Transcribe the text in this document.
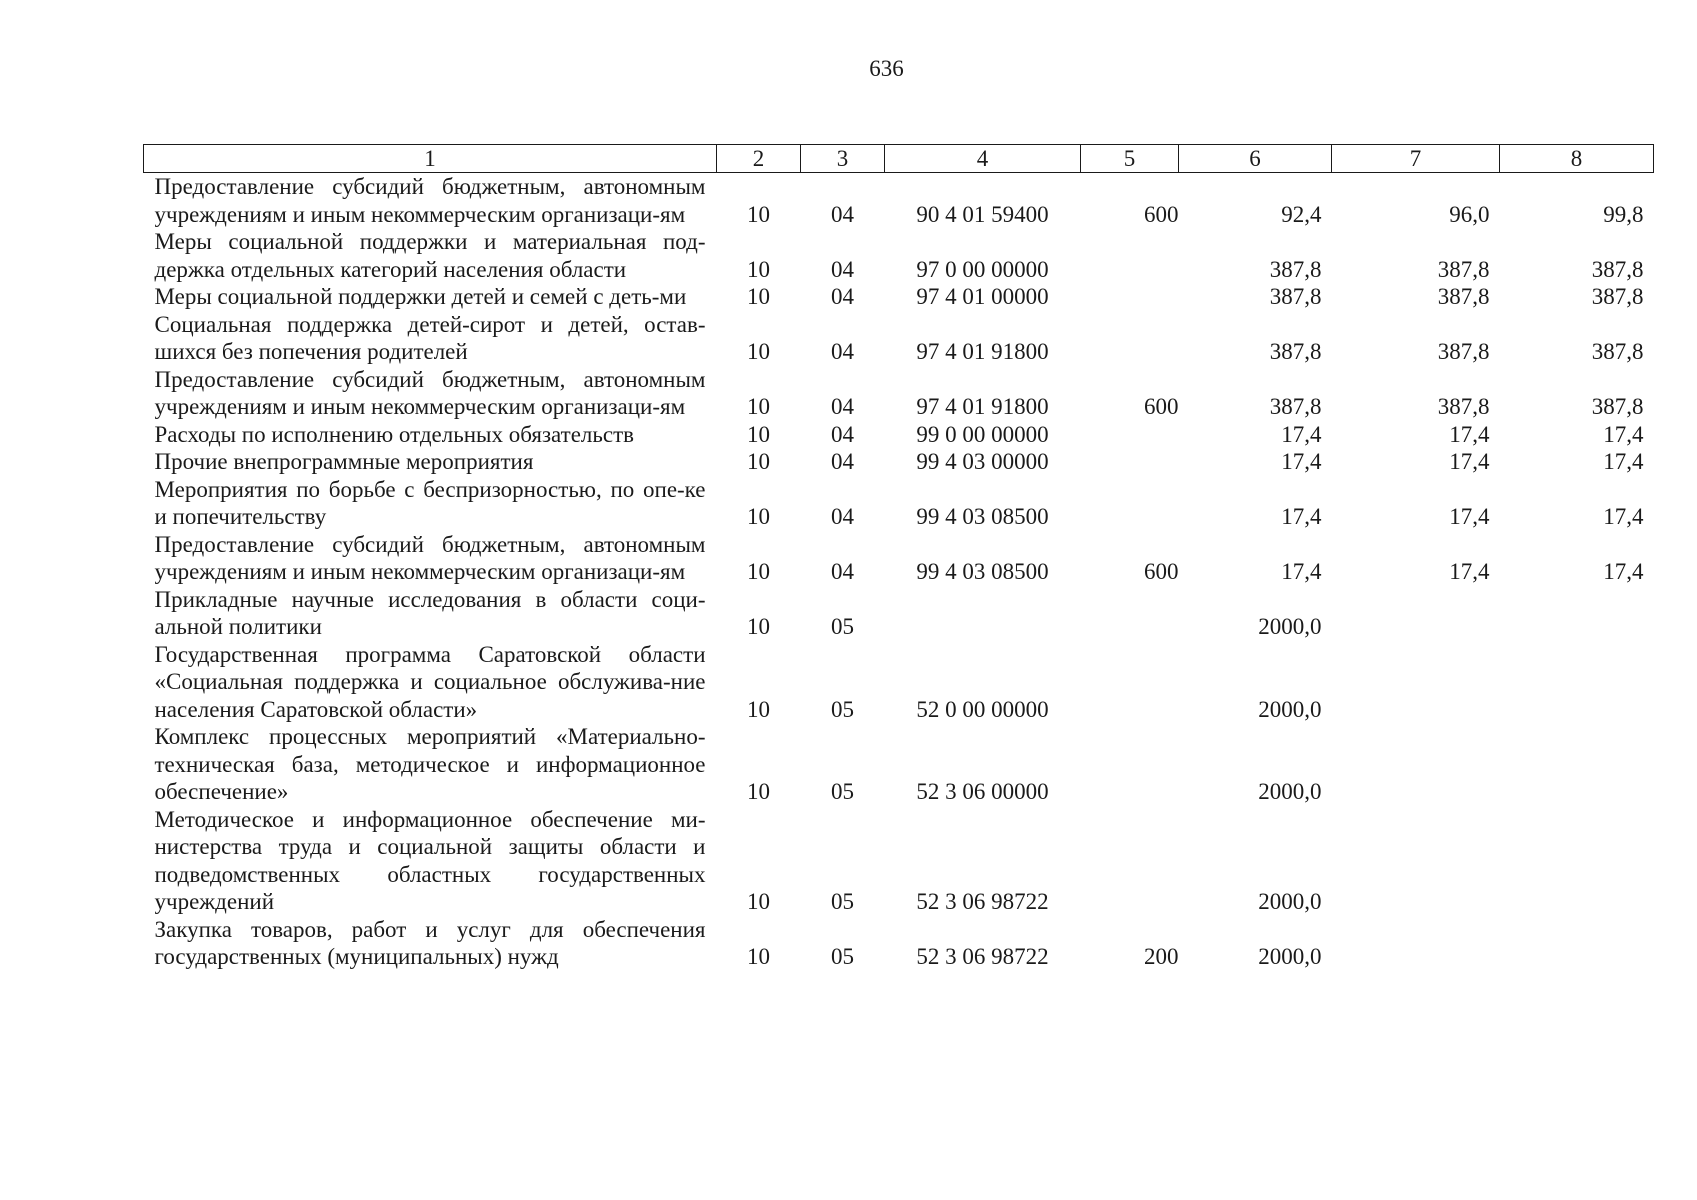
636
1	2	3	4	5	6	7	8
Предоставление субсидий бюджетным, автономным учреждениям и иным некоммерческим организаци-ям	10	04	90 4 01 59400	600	92,4	96,0	99,8
Меры социальной поддержки и материальная под-держка отдельных категорий населения области	10	04	97 0 00 00000		387,8	387,8	387,8
Меры социальной поддержки детей и семей с деть-ми	10	04	97 4 01 00000		387,8	387,8	387,8
Социальная поддержка детей-сирот и детей, остав-шихся без попечения родителей	10	04	97 4 01 91800		387,8	387,8	387,8
Предоставление субсидий бюджетным, автономным учреждениям и иным некоммерческим организаци-ям	10	04	97 4 01 91800	600	387,8	387,8	387,8
Расходы по исполнению отдельных обязательств	10	04	99 0 00 00000		17,4	17,4	17,4
Прочие внепрограммные мероприятия	10	04	99 4 03 00000		17,4	17,4	17,4
Мероприятия по борьбе с беспризорностью, по опе-ке и попечительству	10	04	99 4 03 08500		17,4	17,4	17,4
Предоставление субсидий бюджетным, автономным учреждениям и иным некоммерческим организаци-ям	10	04	99 4 03 08500	600	17,4	17,4	17,4
Прикладные научные исследования в области соци-альной политики	10	05			2000,0		
Государственная программа Саратовской области «Социальная поддержка и социальное обслужива-ние населения Саратовской области»	10	05	52 0 00 00000		2000,0		
Комплекс процессных мероприятий «Материально-техническая база, методическое и информационное обеспечение»	10	05	52 3 06 00000		2000,0		
Методическое и информационное обеспечение ми-нистерства труда и социальной защиты области и подведомственных областных государственных учреждений	10	05	52 3 06 98722		2000,0		
Закупка товаров, работ и услуг для обеспечения государственных (муниципальных) нужд	10	05	52 3 06 98722	200	2000,0		
